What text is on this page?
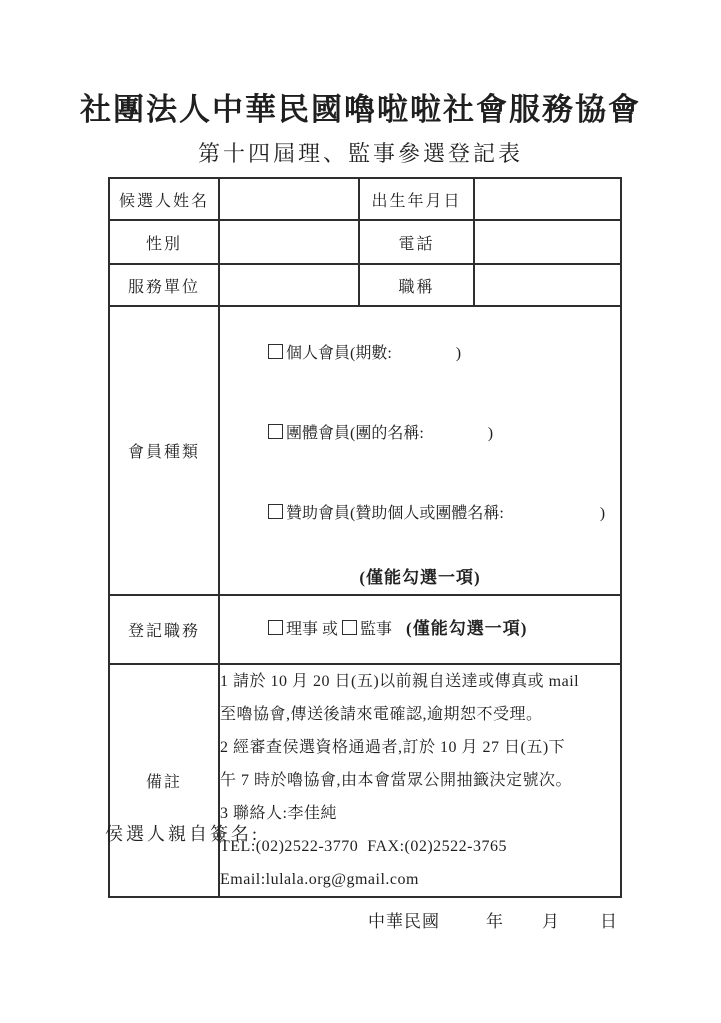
社團法人中華民國嚕啦啦社會服務協會
第十四屆理、監事參選登記表
候選人姓名		出生年月日	
性別		電話	
服務單位		職稱	
會員種類	個人會員(期數:　　　　)

團體會員(團的名稱:　　　　)

贊助會員(贊助個人或團體名稱:　　　　　　)

(僅能勾選一項)		

登記職務	理事 或 監事 (僅能勾選一項)		

備註	
1 請於 10 月 20 日(五)以前親自送達或傳真或 mail
至嚕協會,傳送後請來電確認,逾期恕不受理。
2 經審查侯選資格通過者,訂於 10 月 27 日(五)下
午 7 時於嚕協會,由本會當眾公開抽籤決定號次。
3 聯絡人:李佳純
TEL:(02)2522-3770  FAX:(02)2522-3765
Email:lulala.org@gmail.com
侯選人親自簽名:
中華民國	年 月 日
